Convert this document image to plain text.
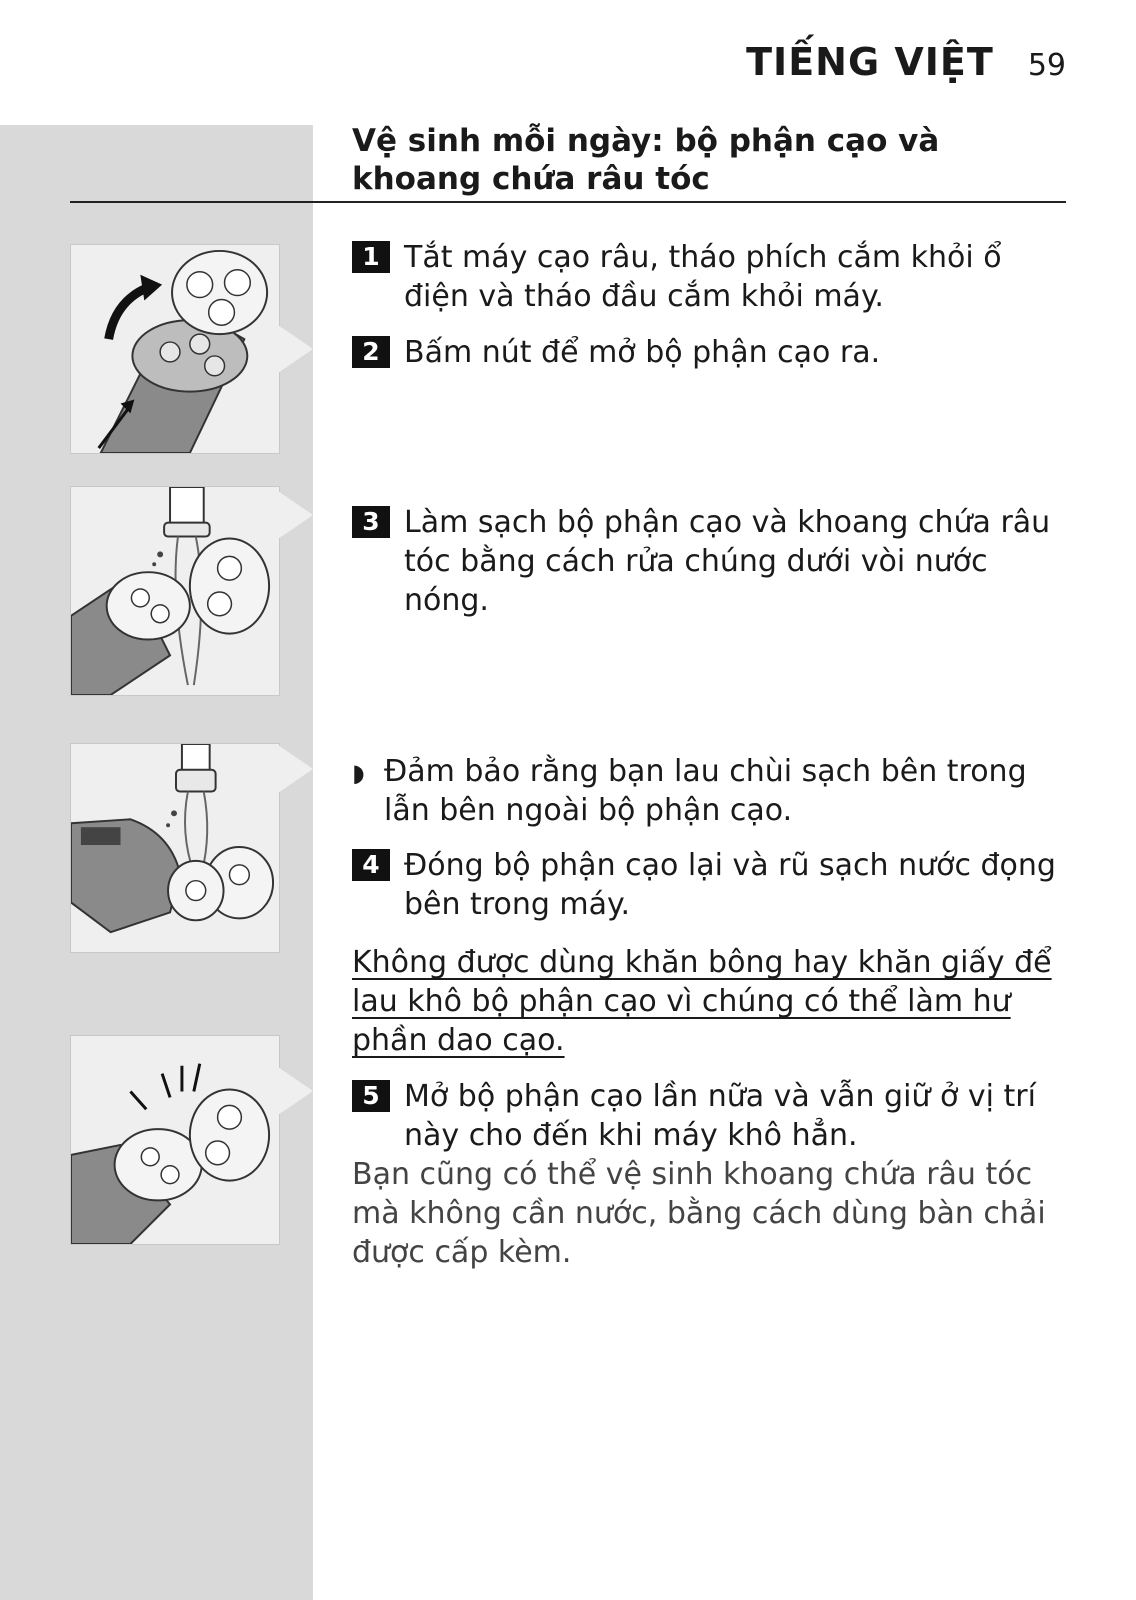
TIẾNG VIỆT 59
Vệ sinh mỗi ngày: bộ phận cạo và khoang chứa râu tóc
1 Tắt máy cạo râu, tháo phích cắm khỏi ổ điện và tháo đầu cắm khỏi máy.
2 Bấm nút để mở bộ phận cạo ra.
3 Làm sạch bộ phận cạo và khoang chứa râu tóc bằng cách rửa chúng dưới vòi nước nóng.
◗ Đảm bảo rằng bạn lau chùi sạch bên trong lẫn bên ngoài bộ phận cạo.
4 Đóng bộ phận cạo lại và rũ sạch nước đọng bên trong máy.
Không được dùng khăn bông hay khăn giấy để lau khô bộ phận cạo vì chúng có thể làm hư phần dao cạo.
5 Mở bộ phận cạo lần nữa và vẫn giữ ở vị trí này cho đến khi máy khô hẳn.
Bạn cũng có thể vệ sinh khoang chứa râu tóc mà không cần nước, bằng cách dùng bàn chải được cấp kèm.
